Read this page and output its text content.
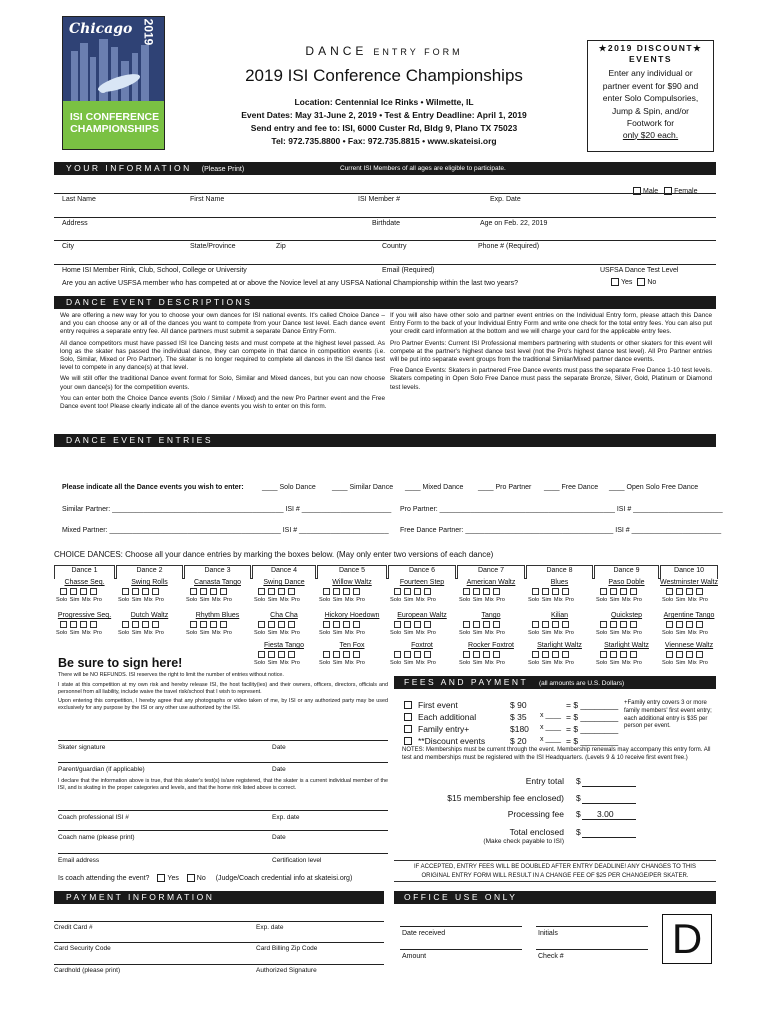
Chicago 2019
ISI CONFERENCE
CHAMPIONSHIPS
DANCE ENTRY FORM
2019 ISI Conference Championships
Location: Centennial Ice Rinks • Wilmette, IL
Event Dates: May 31-June 2, 2019 • Test & Entry Deadline: April 1, 2019
Send entry and fee to: ISI, 6000 Custer Rd, Bldg 9, Plano TX 75023
Tel: 972.735.8800 • Fax: 972.735.8815 • www.skateisi.org
★2019 DISCOUNT★
EVENTS
Enter any individual or partner event for $90 and enter Solo Compulsories, Jump & Spin, and/or Footwork for
only $20 each.
YOUR INFORMATION (Please Print)	Current ISI Members of all ages are eligible to participate.
Male Female
Last Name	First Name	ISI Member #	Exp. Date
Address	Birthdate	Age on Feb. 22, 2019
City	State/Province	Zip	Country	Phone # (Required)
Home ISI Member Rink, Club, School, College or University	Email (Required)	USFSA Dance Test Level
Are you an active USFSA member who has competed at or above the Novice level at any USFSA National Championship within the last two years?	Yes No
DANCE EVENT DESCRIPTIONS

We are offering a new way for you to choose your own dances for ISI national events. It's called Choice Dance – and you can choose any or all of the dances you want to compete from your Dance test level. Each dance event entry requires a separate entry fee. All dance partners must submit a separate Dance Entry Form.

All dance competitors must have passed ISI Ice Dancing tests and must compete at the highest level passed. As long as the skater has passed the individual dance, they can compete in that dance in competition events (i.e. Solo, Similar, Mixed or Pro Partner). The skater is no longer required to complete all dances in the ISI dance test level to compete in any dance(s) at that level.

We will still offer the traditional Dance event format for Solo, Similar and Mixed dances, but you can now choose your own dance(s) for the competition events.

You can enter both the Choice Dance events (Solo / Similar / Mixed) and the new Pro Partner event and the Free Dance event too! Please clearly indicate all of the dance events you wish to enter on this form.

If you will also have other solo and partner event entries on the Individual Entry form, please attach this Dance Entry Form to the back of your Individual Entry Form and write one check for the total entry fees. You can also put your credit card information at the bottom and we will charge your card for the applicable entry fees.

Pro Partner Events: Current ISI Professional members partnering with students or other skaters for this event will compete at the partner's highest dance test level (not the Pro's highest dance test level). All Pro Partner entries will be put into separate event groups from the traditional Similar/Mixed partner dance events.

Free Dance Events: Skaters in partnered Free Dance events must pass the separate Free Dance 1-10 test levels. Skaters competing in Open Solo Free Dance must pass the separate Bronze, Silver, Gold, Platinum or Diamond test levels.

DANCE EVENT ENTRIES
Please indicate all the Dance events you wish to enter:	____ Solo Dance ____ Similar Dance ____ Mixed Dance ____ Pro Partner ____ Free Dance ____ Open Solo Free Dance
Similar Partner: ____________________________________________ ISI # _______________________ Pro Partner: _____________________________________________ ISI # _______________________
Mixed Partner: ____________________________________________ ISI # _______________________ Free Dance Partner: ______________________________________ ISI # _______________________
CHOICE DANCES: Choose all your dance entries by marking the boxes below. (May only enter two versions of each dance)
Dance 1
Chasse Seq.
Solo Sim Mix Pro
Progressive Seq.
Solo Sim Mix Pro
Dance 2
Swing Rolls
Solo Sim Mix Pro
Dutch Waltz
Solo Sim Mix Pro
Dance 3
Canasta Tango
Solo Sim Mix Pro
Rhythm Blues
Solo Sim Mix Pro
Dance 4
Swing Dance
Solo Sim Mix Pro
Cha Cha
Solo Sim Mix Pro
Fiesta Tango
Solo Sim Mix Pro
Dance 5
Willow Waltz
Solo Sim Mix Pro
Hickory Hoedown
Solo Sim Mix Pro
Ten Fox
Solo Sim Mix Pro
Dance 6
Fourteen Step
Solo Sim Mix Pro
European Waltz
Solo Sim Mix Pro
Foxtrot
Solo Sim Mix Pro
Dance 7
American Waltz
Solo Sim Mix Pro
Tango
Solo Sim Mix Pro
Rocker Foxtrot
Solo Sim Mix Pro
Dance 8
Blues
Solo Sim Mix Pro
Kilian
Solo Sim Mix Pro
Starlight Waltz
Solo Sim Mix Pro
Dance 9
Paso Doble
Solo Sim Mix Pro
Quickstep
Solo Sim Mix Pro
Starlight Waltz
Solo Sim Mix Pro
Dance 10
Westminster Waltz
Solo Sim Mix Pro
Argentine Tango
Solo Sim Mix Pro
Viennese Waltz
Solo Sim Mix Pro
Be sure to sign here!

There will be NO REFUNDS. ISI reserves the right to limit the number of entries without notice.

I state at this competition at my own risk and hereby release ISI, the host facility(ies) and their owners, officers, directors, officials and personnel from all liability, include waive the travel risk/school that I wish to represent.

Upon entering this competition, I hereby agree that any photographs or video taken of me, by ISI or any authorized party may be used exclusively for any purpose by the ISI or any other use authorized by the ISI.

Skater signature	Date
Parent/guardian (if applicable)	Date
I declare that the information above is true, that this skater's test(s) is/are registered, that the skater is a current individual member of the ISI, and is skating in the proper categories and levels, and that the home rink listed above is correct.
Coach professional ISI #	Exp. date
Coach name (please print)	Date
Email address	Certification level
Is coach attending the event?	Yes	No (Judge/Coach credential info at skateisi.org)
FEES AND PAYMENT (all amounts are U.S. Dollars)
First event	$ 90	= $ ________
Each additional	$ 35 x ____ = $ ________
Family entry+	$180 x ____ = $ ________
**Discount events	$ 20 x ____ = $ ________
+Family entry covers 3 or more family members' first event entry; each additional entry is $35 per person per event.
NOTES: Memberships must be current through the event. Membership renewals may accompany this entry form. All test and memberships must be registered with the ISI Headquarters. (Levels 9 & 10 receive first event free.)
Entry total $
$15 membership fee enclosed) $
Processing fee $ 3.00
Total enclosed $
(Make check payable to ISI)
IF ACCEPTED, ENTRY FEES WILL BE DOUBLED AFTER ENTRY DEADLINE! ANY CHANGES TO THIS ORIGINAL ENTRY FORM WILL RESULT IN A CHANGE FEE OF $25 PER CHANGE/PER SKATER.
PAYMENT INFORMATION
Credit Card #	Exp. date
Card Security Code	Card Billing Zip Code
Cardhold (please print)	Authorized Signature
OFFICE USE ONLY
Date received	Initials
Amount	Check #	D
